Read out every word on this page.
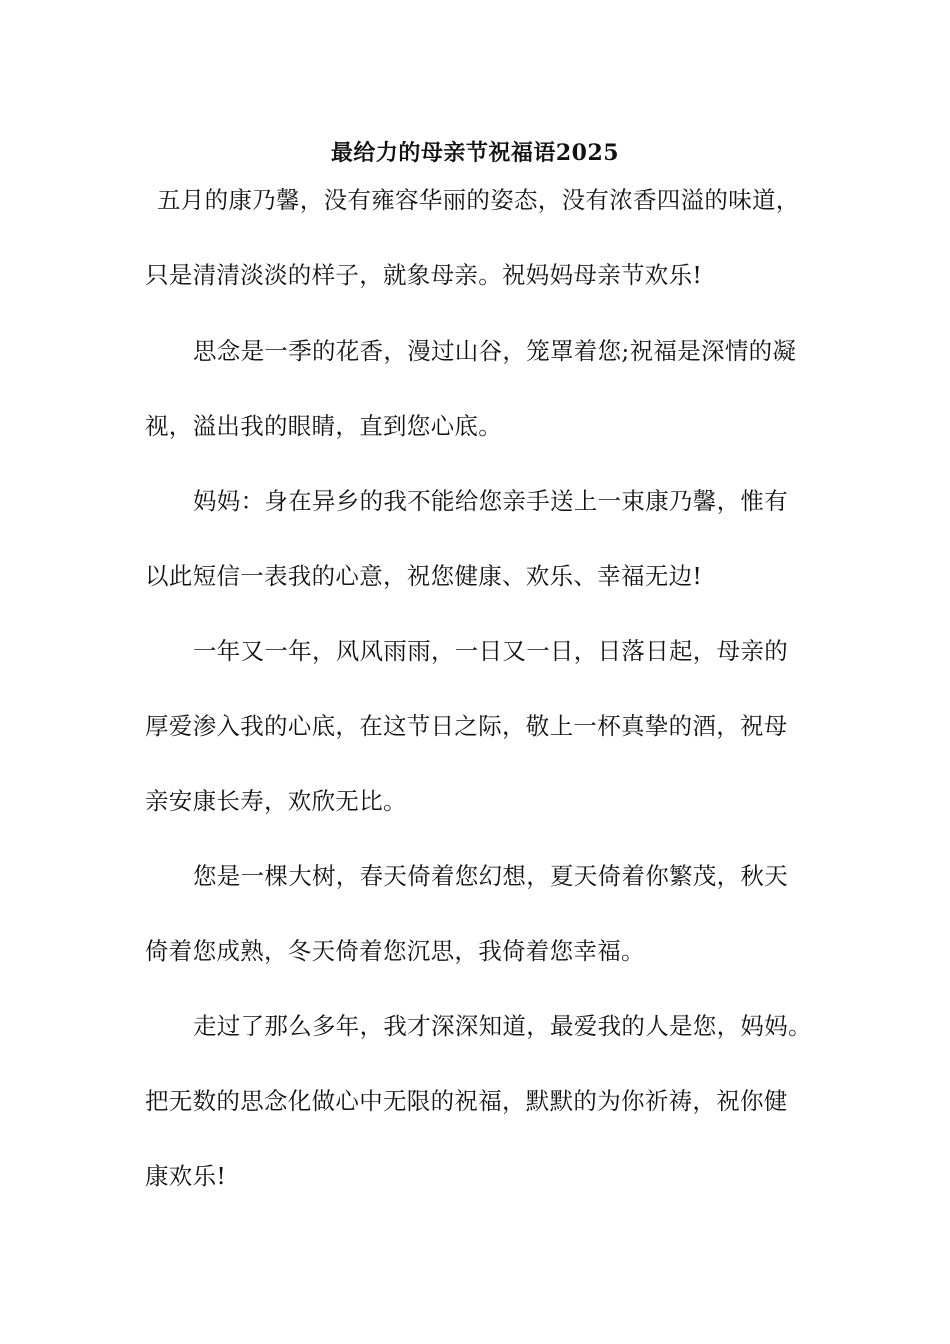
最给力的母亲节祝福语2025
五月的康乃馨，没有雍容华丽的姿态，没有浓香四溢的味道，
只是清清淡淡的样子，就象母亲。祝妈妈母亲节欢乐!
思念是一季的花香，漫过山谷，笼罩着您;祝福是深情的凝
视，溢出我的眼睛，直到您心底。
妈妈：身在异乡的我不能给您亲手送上一束康乃馨，惟有
以此短信一表我的心意，祝您健康、欢乐、幸福无边!
一年又一年，风风雨雨，一日又一日，日落日起，母亲的
厚爱渗入我的心底，在这节日之际，敬上一杯真挚的酒，祝母
亲安康长寿，欢欣无比。
您是一棵大树，春天倚着您幻想，夏天倚着你繁茂，秋天
倚着您成熟，冬天倚着您沉思，我倚着您幸福。
走过了那么多年，我才深深知道，最爱我的人是您，妈妈。
把无数的思念化做心中无限的祝福，默默的为你祈祷，祝你健
康欢乐!
